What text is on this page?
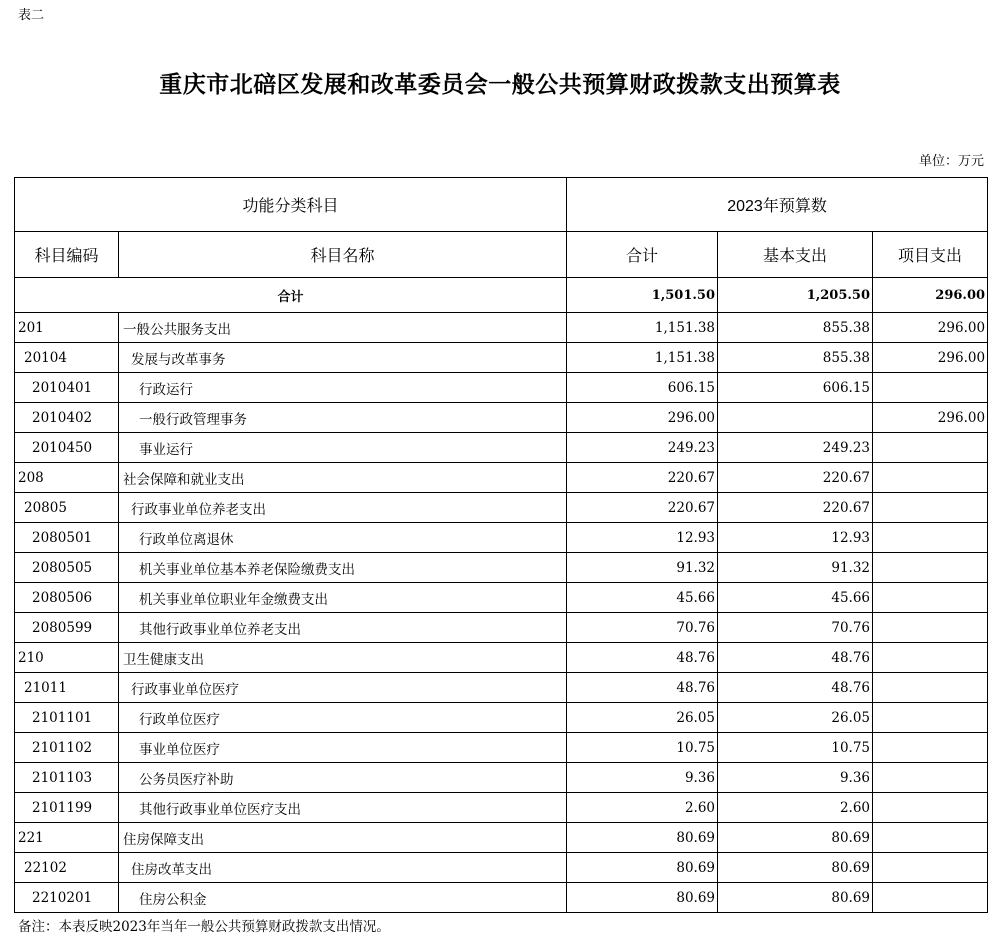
表二
重庆市北碚区发展和改革委员会一般公共预算财政拨款支出预算表
单位：万元
功能分类科目		2023年预算数		
科目编码	科目名称	合计	基本支出	项目支出
合计		1,501.50	1,205.50	296.00
201	一般公共服务支出	1,151.38	855.38	296.00
20104	发展与改革事务	1,151.38	855.38	296.00
2010401	行政运行	606.15	606.15	
2010402	一般行政管理事务	296.00		296.00
2010450	事业运行	249.23	249.23	
208	社会保障和就业支出	220.67	220.67	
20805	行政事业单位养老支出	220.67	220.67	
2080501	行政单位离退休	12.93	12.93	
2080505	机关事业单位基本养老保险缴费支出	91.32	91.32	
2080506	机关事业单位职业年金缴费支出	45.66	45.66	
2080599	其他行政事业单位养老支出	70.76	70.76	
210	卫生健康支出	48.76	48.76	
21011	行政事业单位医疗	48.76	48.76	
2101101	行政单位医疗	26.05	26.05	
2101102	事业单位医疗	10.75	10.75	
2101103	公务员医疗补助	9.36	9.36	
2101199	其他行政事业单位医疗支出	2.60	2.60	
221	住房保障支出	80.69	80.69	
22102	住房改革支出	80.69	80.69	
2210201	住房公积金	80.69	80.69	
备注：本表反映2023年当年一般公共预算财政拨款支出情况。
